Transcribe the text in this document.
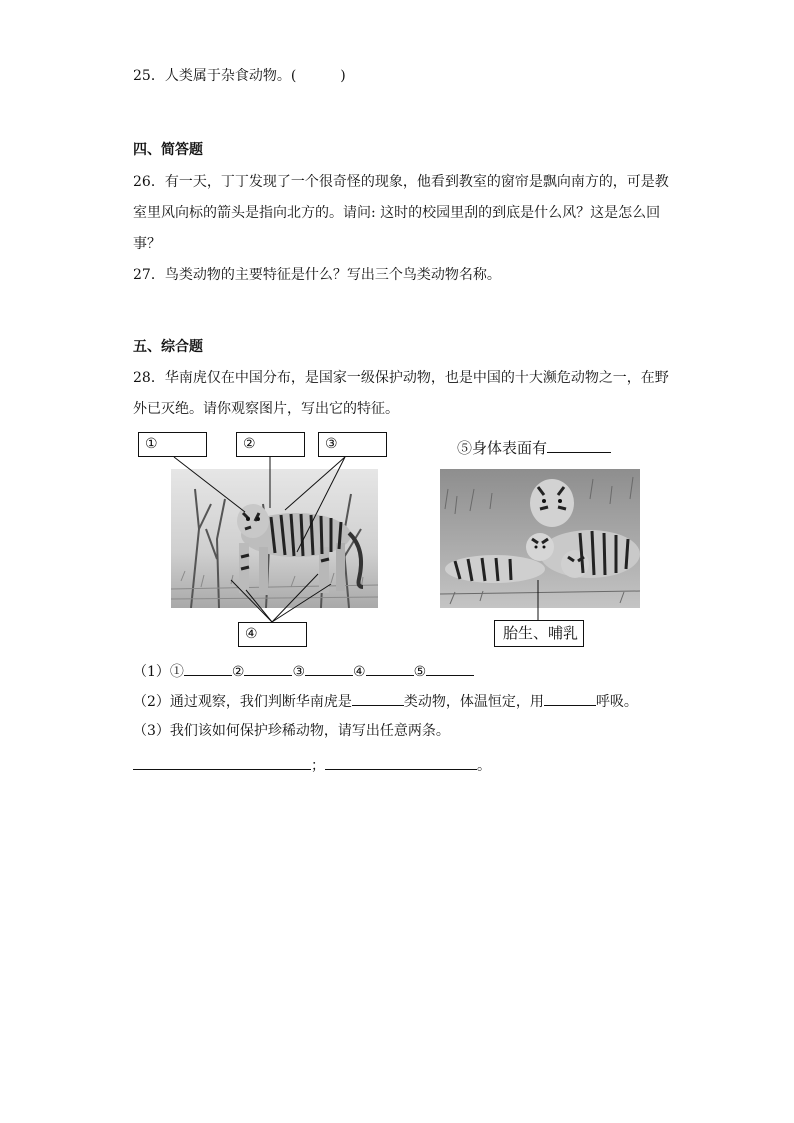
25．人类属于杂食动物。(	)
四、简答题
26．有一天，丁丁发现了一个很奇怪的现象，他看到教室的窗帘是飘向南方的，可是教
室里风向标的箭头是指向北方的。请问: 这时的校园里刮的到底是什么风？这是怎么回
事？
27．鸟类动物的主要特征是什么？写出三个鸟类动物名称。
五、综合题
28．华南虎仅在中国分布，是国家一级保护动物，也是中国的十大濒危动物之一，在野
外已灭绝。请你观察图片，写出它的特征。
①	②	③
④
⑤身体表面有
胎生、哺乳
（1）①	②	③	④	⑤
（2）通过观察，我们判断华南虎是	类动物，体温恒定，用	呼吸。
（3）我们该如何保护珍稀动物，请写出任意两条。
；	。
